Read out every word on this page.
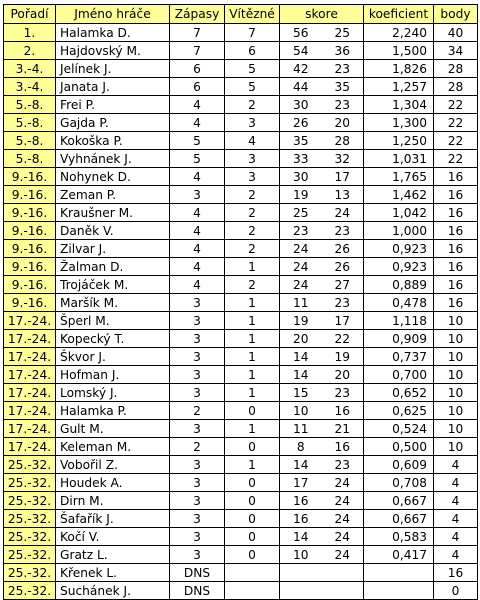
Pořadí	Jméno hráče	Zápasy	Vítězné	skore		koeficient	body
1.	Halamka D.	7	7	56	25	2,240	40
2.	Hajdovský M.	7	6	54	36	1,500	34
3.-4.	Jelínek J.	6	5	42	23	1,826	28
3.-4.	Janata J.	6	5	44	35	1,257	28
5.-8.	Frei P.	4	2	30	23	1,304	22
5.-8.	Gajda P.	4	3	26	20	1,300	22
5.-8.	Kokoška P.	5	4	35	28	1,250	22
5.-8.	Vyhnánek J.	5	3	33	32	1,031	22
9.-16.	Nohynek D.	4	3	30	17	1,765	16
9.-16.	Zeman P.	3	2	19	13	1,462	16
9.-16.	Kraušner M.	4	2	25	24	1,042	16
9.-16.	Daněk V.	4	2	23	23	1,000	16
9.-16.	Zilvar J.	4	2	24	26	0,923	16
9.-16.	Žalman D.	4	1	24	26	0,923	16
9.-16.	Trojáček M.	4	2	24	27	0,889	16
9.-16.	Maršík M.	3	1	11	23	0,478	16
17.-24.	Šperl M.	3	1	19	17	1,118	10
17.-24.	Kopecký T.	3	1	20	22	0,909	10
17.-24.	Škvor J.	3	1	14	19	0,737	10
17.-24.	Hofman J.	3	1	14	20	0,700	10
17.-24.	Lomský J.	3	1	15	23	0,652	10
17.-24.	Halamka P.	2	0	10	16	0,625	10
17.-24.	Gult M.	3	1	11	21	0,524	10
17.-24.	Keleman M.	2	0	8	16	0,500	10
25.-32.	Vobořil Z.	3	1	14	23	0,609	4
25.-32.	Houdek A.	3	0	17	24	0,708	4
25.-32.	Dirn M.	3	0	16	24	0,667	4
25.-32.	Šafařík J.	3	0	16	24	0,667	4
25.-32.	Kočí V.	3	0	14	24	0,583	4
25.-32.	Gratz L.	3	0	10	24	0,417	4
25.-32.	Křenek L.	DNS					16
25.-32.	Suchánek J.	DNS					0
